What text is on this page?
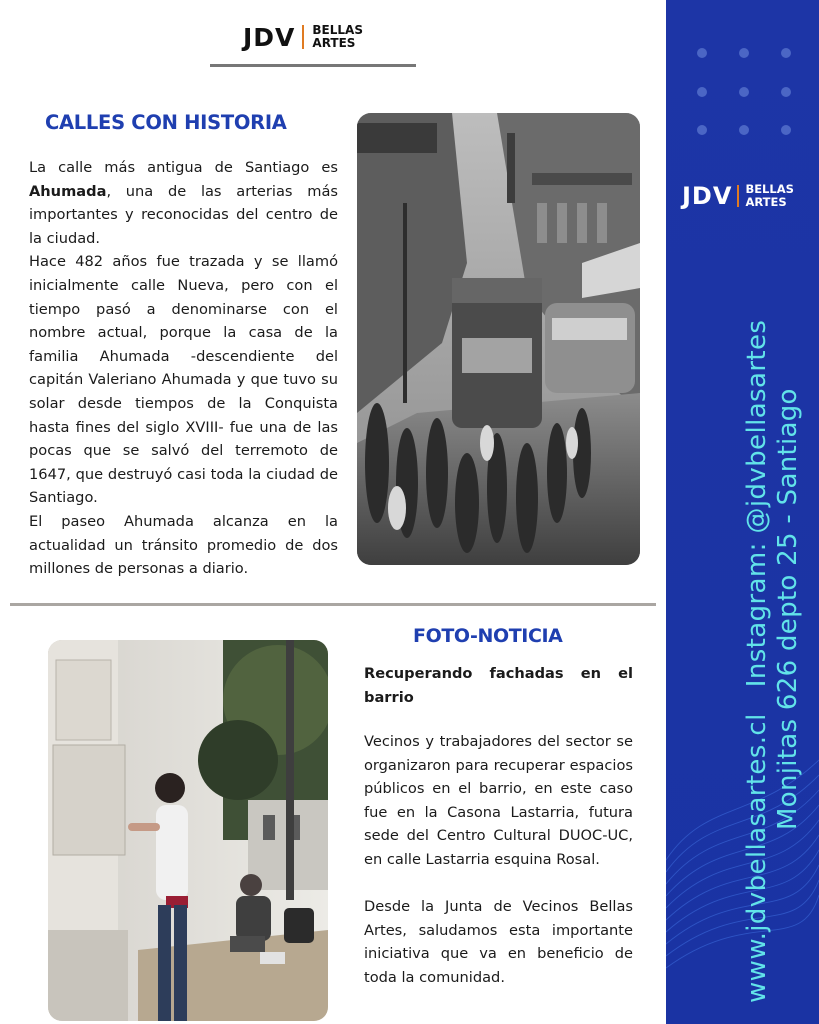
JDV BELLAS
ARTES
CALLES CON HISTORIA

La calle más antigua de Santiago es Ahumada, una de las arterias más importantes y reconocidas del centro de la ciudad.

Hace 482 años fue trazada y se llamó inicialmente calle Nueva, pero con el tiempo pasó a denominarse con el nombre actual, porque la casa de la familia Ahumada -descendiente del capitán Valeriano Ahumada y que tuvo su solar desde tiempos de la Conquista hasta fines del siglo XVIII- fue una de las pocas que se salvó del terremoto de 1647, que destruyó casi toda la ciudad de Santiago.

El paseo Ahumada alcanza en la actualidad un tránsito promedio de dos millones de personas a diario.

FOTO-NOTICIA
Recuperando fachadas en el
barrio

Vecinos y trabajadores del sector se organizaron para recuperar espacios públicos en el barrio, en este caso fue en la Casona Lastarria, futura sede del Centro Cultural DUOC-UC, en calle Lastarria esquina Rosal.

Desde la Junta de Vecinos Bellas Artes, saludamos esta importante iniciativa que va en beneficio de toda la comunidad.

JDV BELLAS
ARTES
www.jdvbellasartes.cl   Instagram: @jdvbellasartes Monjitas 626 depto 25 - Santiago
